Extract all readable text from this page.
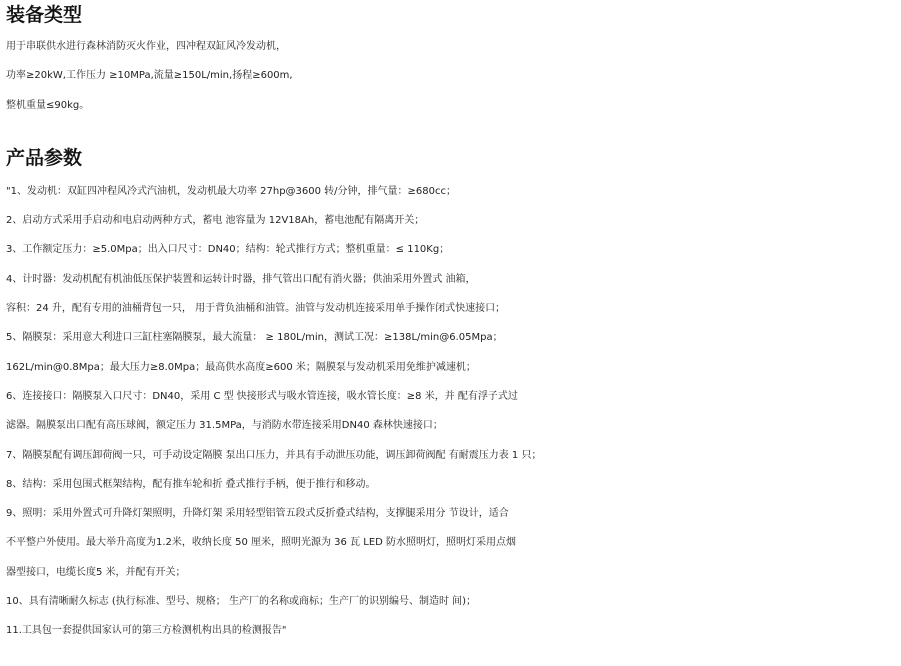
装备类型
用于串联供水进行森林消防灭火作业，四冲程双缸风冷发动机，
功率≥20kW,工作压力 ≥10MPa,流量≥150L/min,扬程≥600m,
整机重量≤90kg。
产品参数
"1、发动机：双缸四冲程风冷式汽油机，发动机最大功率 27hp@3600 转/分钟，排气量：≥680cc；
2、启动方式采用手启动和电启动两种方式，蓄电 池容量为 12V18Ah，蓄电池配有隔离开关；
3、工作额定压力：≥5.0Mpa；出入口尺寸：DN40；结构：轮式推行方式；整机重量：≤ 110Kg；
4、计时器：发动机配有机油低压保护装置和运转计时器，排气管出口配有消火器；供油采用外置式 油箱，
容积：24 升，配有专用的油桶背包一只， 用于背负油桶和油管。油管与发动机连接采用单手操作闭式快速接口；
5、隔膜泵：采用意大利进口三缸柱塞隔膜泵，最大流量： ≥ 180L/min，测试工况：≥138L/min@6.05Mpa；
162L/min@0.8Mpa；最大压力≥8.0Mpa；最高供水高度≥600 米；隔膜泵与发动机采用免维护减速机；
6、连接接口：隔膜泵入口尺寸：DN40，采用 C 型 快接形式与吸水管连接，吸水管长度：≥8 米，并 配有浮子式过
滤器。隔膜泵出口配有高压球阀，额定压力 31.5MPa，与消防水带连接采用DN40 森林快速接口；
7、隔膜泵配有调压卸荷阀一只，可手动设定隔膜 泵出口压力，并具有手动泄压功能，调压卸荷阀配 有耐震压力表 1 只；
8、结构：采用包围式框架结构，配有推车轮和折 叠式推行手柄，便于推行和移动。
9、照明：采用外置式可升降灯架照明，升降灯架 采用轻型铝管五段式反折叠式结构，支撑腿采用分 节设计，适合
不平整户外使用。最大举升高度为1.2米，收纳长度 50 厘米，照明光源为 36 瓦 LED 防水照明灯，照明灯采用点烟
器型接口，电缆长度5 米，并配有开关；
10、具有清晰耐久标志 (执行标准、型号、规格； 生产厂的名称或商标；生产厂的识别编号、制造时 间)；
11.工具包一套提供国家认可的第三方检测机构出具的检测报告"
